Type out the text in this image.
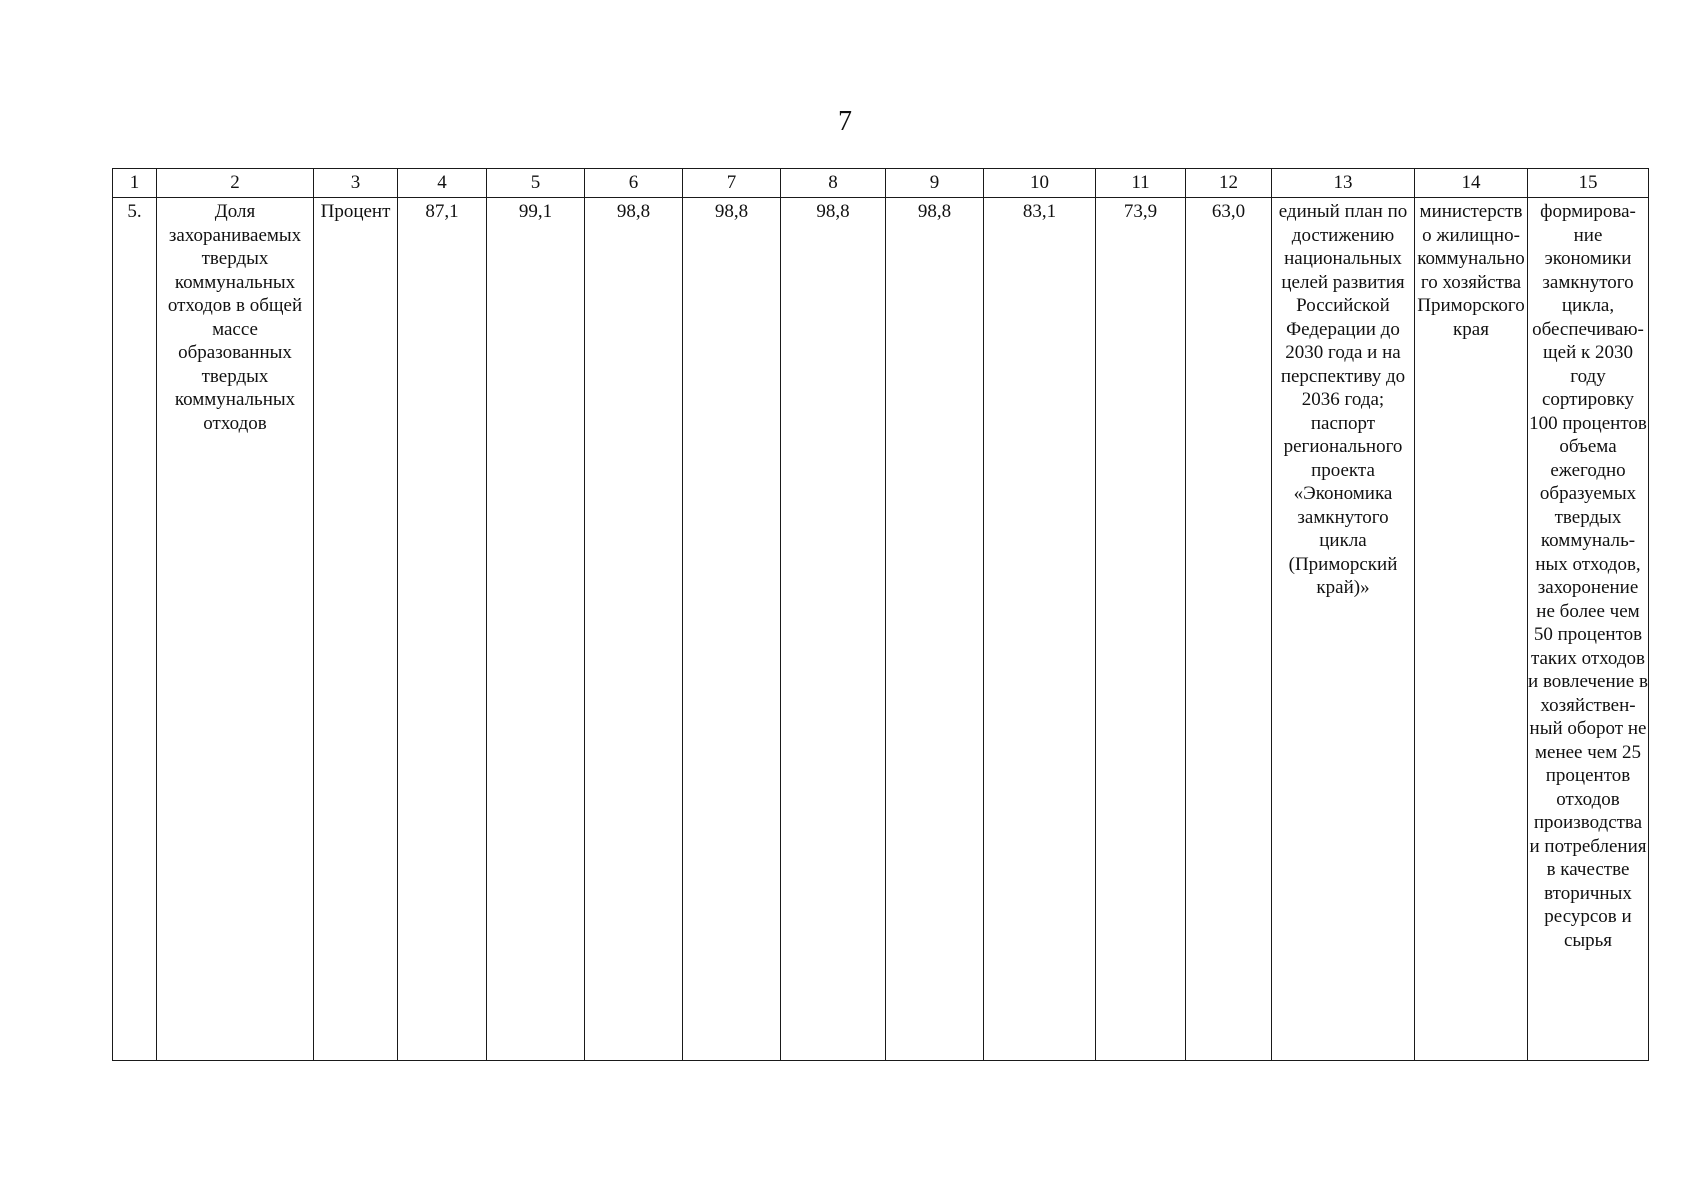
7
1	2	3	4	5	6	7	8	9	10	11	12	13	14	15
5.	Доля захораниваемых твердых коммунальных отходов в общей массе образованных твердых коммунальных отходов	Процент	87,1	99,1	98,8	98,8	98,8	98,8	83,1	73,9	63,0	единый план по достижению национальных целей развития Российской Федерации до 2030 года и на перспективу до 2036 года; паспорт регионального проекта «Экономика замкнутого цикла (Приморский край)»	министерство жилищно-коммунального хозяйства Приморского края	формирова-ние экономики замкнутого цикла, обеспечиваю-щей к 2030 году сортировку 100 процентов объема ежегодно образуемых твердых коммуналь-ных отходов, захоронение не более чем 50 процентов таких отходов и вовлечение в хозяйствен-ный оборот не менее чем 25 процентов отходов производства и потребления в качестве вторичных ресурсов и сырья
